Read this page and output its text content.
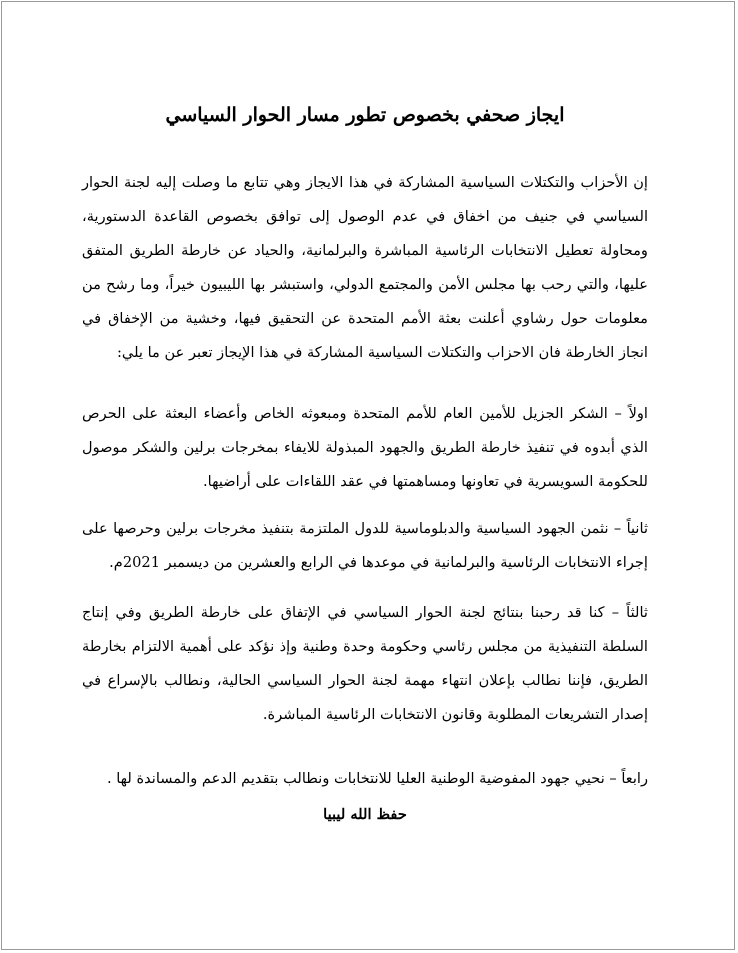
ايجاز صحفي بخصوص تطور مسار الحوار السياسي

إن الأحزاب والتكتلات السياسية المشاركة في هذا الايجاز وهي تتابع ما وصلت إليه لجنة الحوار السياسي في جنيف من اخفاق في عدم الوصول إلى توافق بخصوص القاعدة الدستورية، ومحاولة تعطيل الانتخابات الرئاسية المباشرة والبرلمانية، والحياد عن خارطة الطريق المتفق عليها، والتي رحب بها مجلس الأمن والمجتمع الدولي، واستبشر بها الليبيون خيراً، وما رشح من معلومات حول رشاوي أعلنت بعثة الأمم المتحدة عن التحقيق فيها، وخشية من الإخفاق في انجاز الخارطة فان الاحزاب والتكتلات السياسية المشاركة في هذا الإيجاز تعبر عن ما يلي:

اولاً – الشكر الجزيل للأمين العام للأمم المتحدة ومبعوثه الخاص وأعضاء البعثة على الحرص الذي أبدوه في تنفيذ خارطة الطريق والجهود المبذولة للايفاء بمخرجات برلين والشكر موصول للحكومة السويسرية في تعاونها ومساهمتها في عقد اللقاءات على أراضيها.

ثانياً – نثمن الجهود السياسية والدبلوماسية للدول الملتزمة بتنفيذ مخرجات برلين وحرصها على إجراء الانتخابات الرئاسية والبرلمانية في موعدها في الرابع والعشرين من ديسمبر 2021م.

ثالثاً – كنا قد رحبنا بنتائج لجنة الحوار السياسي في الإتفاق على خارطة الطريق وفي إنتاج السلطة التنفيذية من مجلس رئاسي وحكومة وحدة وطنية وإذ نؤكد على أهمية الالتزام بخارطة الطريق، فإننا نطالب بإعلان انتهاء مهمة لجنة الحوار السياسي الحالية، ونطالب بالإسراع في إصدار التشريعات المطلوبة وقانون الانتخابات الرئاسية المباشرة.

رابعاً – نحيي جهود المفوضية الوطنية العليا للانتخابات ونطالب بتقديم الدعم والمساندة لها .

حفظ الله ليبيا
